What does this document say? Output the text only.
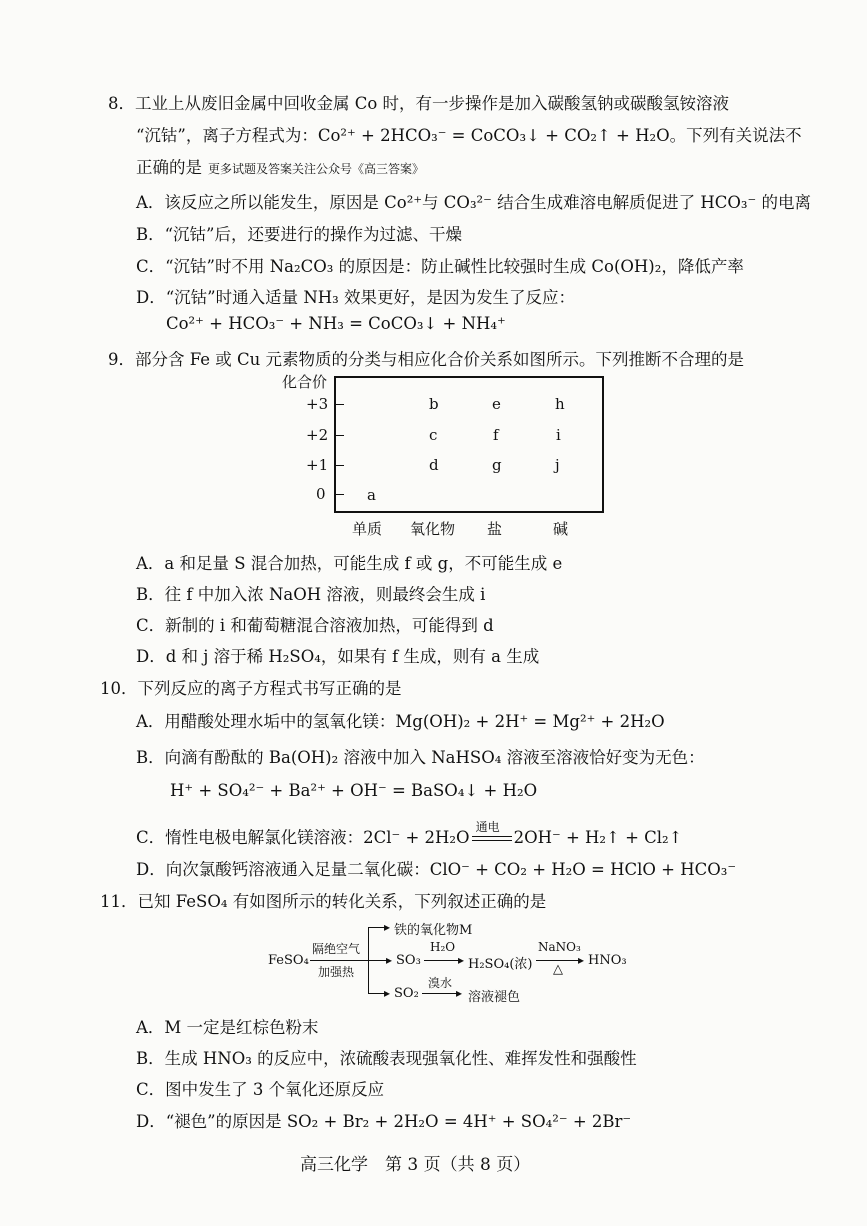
8．工业上从废旧金属中回收金属 Co 时，有一步操作是加入碳酸氢钠或碳酸氢铵溶液
“沉钴”，离子方程式为：Co²⁺ + 2HCO₃⁻ = CoCO₃↓ + CO₂↑ + H₂O。下列有关说法不
正确的是 更多试题及答案关注公众号《高三答案》
A．该反应之所以能发生，原因是 Co²⁺与 CO₃²⁻ 结合生成难溶电解质促进了 HCO₃⁻ 的电离
B．“沉钴”后，还要进行的操作为过滤、干燥
C．“沉钴”时不用 Na₂CO₃ 的原因是：防止碱性比较强时生成 Co(OH)₂，降低产率
D．“沉钴”时通入适量 NH₃ 效果更好，是因为发生了反应：
Co²⁺ + HCO₃⁻ + NH₃ = CoCO₃↓ + NH₄⁺
9．部分含 Fe 或 Cu 元素物质的分类与相应化合价关系如图所示。下列推断不合理的是
化合价
+3
+2
+1
0	a
b
c
d
e
f
g
h
i
j
单质 氧化物 盐	碱
A．a 和足量 S 混合加热，可能生成 f 或 g，不可能生成 e
B．往 f 中加入浓 NaOH 溶液，则最终会生成 i
C．新制的 i 和葡萄糖混合溶液加热，可能得到 d
D．d 和 j 溶于稀 H₂SO₄，如果有 f 生成，则有 a 生成
10．下列反应的离子方程式书写正确的是
A．用醋酸处理水垢中的氢氧化镁：Mg(OH)₂ + 2H⁺ = Mg²⁺ + 2H₂O
B．向滴有酚酞的 Ba(OH)₂ 溶液中加入 NaHSO₄ 溶液至溶液恰好变为无色：
H⁺ + SO₄²⁻ + Ba²⁺ + OH⁻ = BaSO₄↓ + H₂O
C．惰性电极电解氯化镁溶液：2Cl⁻ + 2H₂O
通电
2OH⁻ + H₂↑ + Cl₂↑
D．向次氯酸钙溶液通入足量二氧化碳：ClO⁻ + CO₂ + H₂O = HClO + HCO₃⁻
11．已知 FeSO₄ 有如图所示的转化关系，下列叙述正确的是
FeSO₄
隔绝空气
加强热
▸ 铁的氧化物M
▸ SO₃
H₂O
▸ H₂SO₄(浓)
NaNO₃
▸
△
HNO₃
▸ SO₂
溴水
▸ 溶液褪色
A．M 一定是红棕色粉末
B．生成 HNO₃ 的反应中，浓硫酸表现强氧化性、难挥发性和强酸性
C．图中发生了 3 个氧化还原反应
D．“褪色”的原因是 SO₂ + Br₂ + 2H₂O = 4H⁺ + SO₄²⁻ + 2Br⁻
高三化学　第 3 页（共 8 页）
